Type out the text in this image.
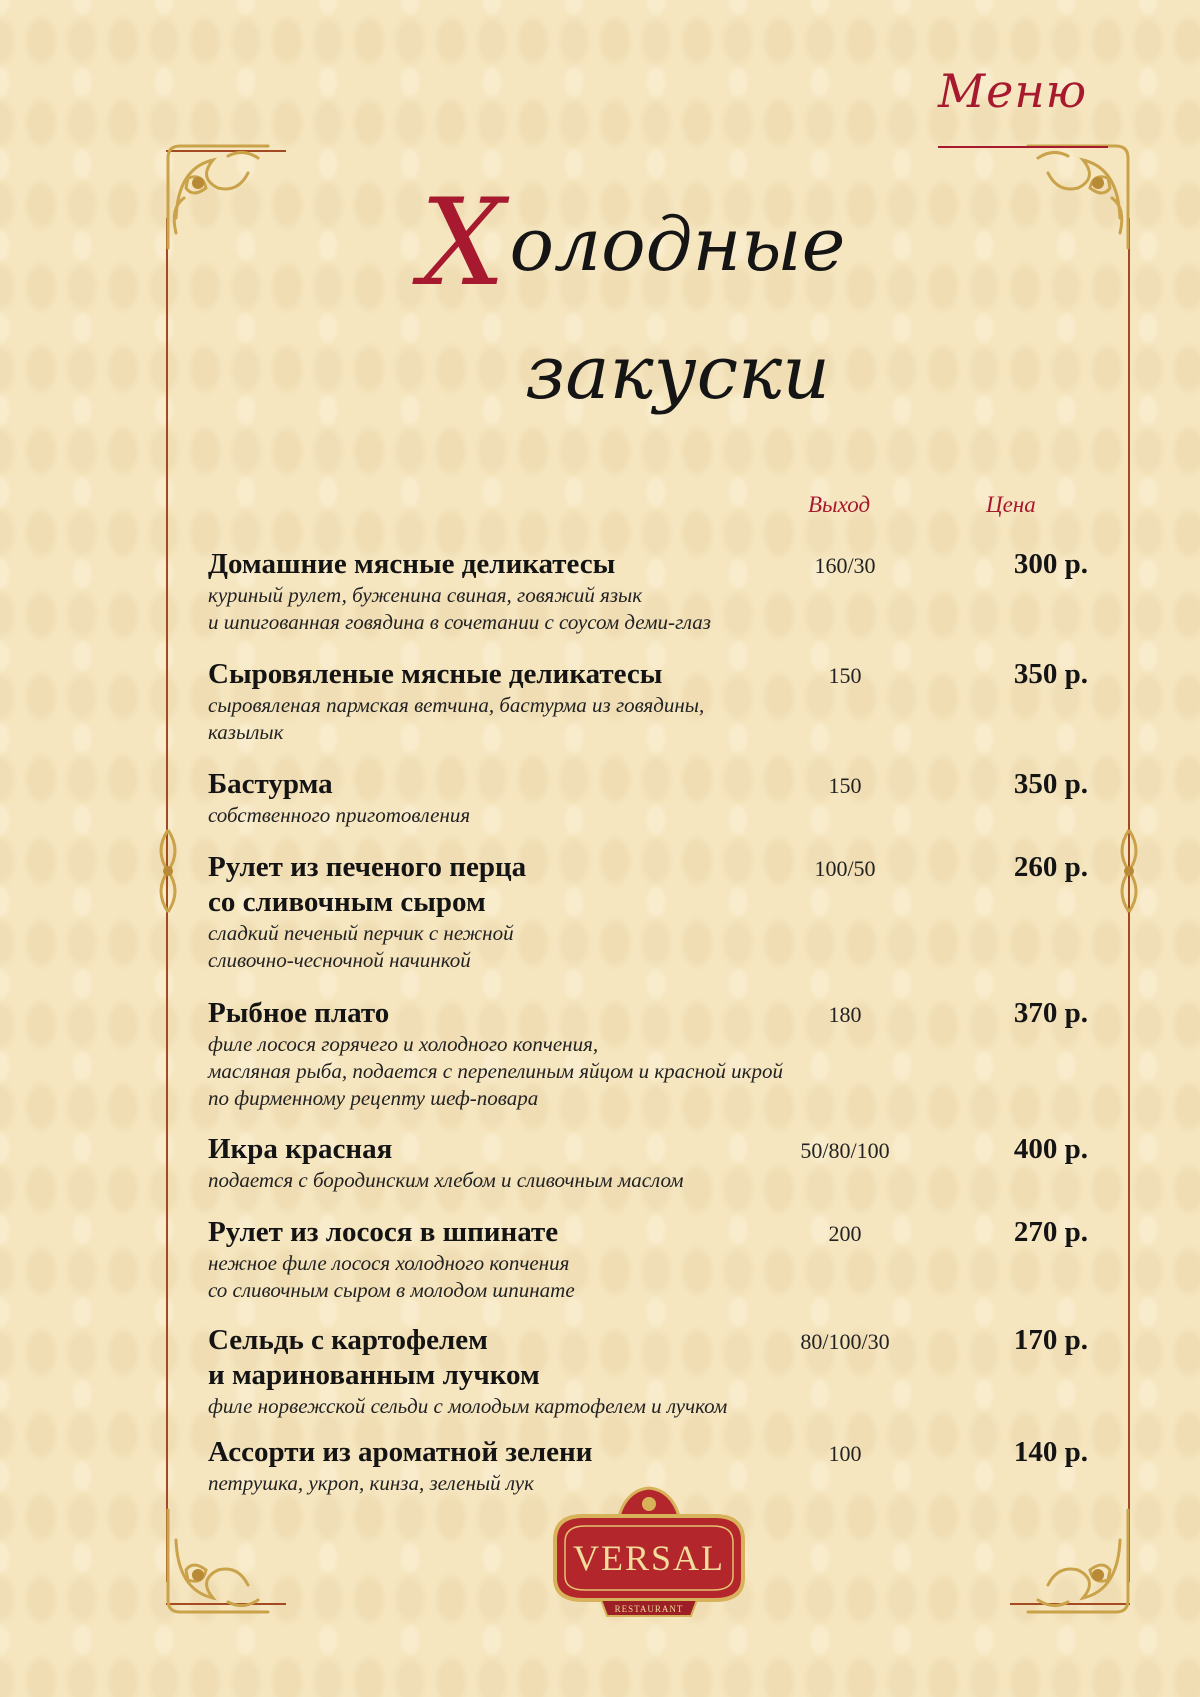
Меню
Холодные
закуски
Выход	Цена
Домашние мясные деликатесы
куриный рулет, буженина свиная, говяжий язык
и шпигованная говядина в сочетании с соусом деми-глаз
160/30	300 р.
Сыровяленые мясные деликатесы
сыровяленая пармская ветчина, бастурма из говядины,
казылык
150	350 р.
Бастурма
собственного приготовления
150	350 р.
Рулет из печеного перца
со сливочным сыром
сладкий печеный перчик с нежной
сливочно-чесночной начинкой
100/50	260 р.
Рыбное плато
филе лосося горячего и холодного копчения,
масляная рыба, подается с перепелиным яйцом и красной икрой
по фирменному рецепту шеф-повара
180	370 р.
Икра красная
подается с бородинским хлебом и сливочным маслом
50/80/100	400 р.
Рулет из лосося в шпинате
нежное филе лосося холодного копчения
со сливочным сыром в молодом шпинате
200	270 р.
Сельдь с картофелем
и маринованным лучком
филе норвежской сельди с молодым картофелем и лучком
80/100/30	170 р.
Ассорти из ароматной зелени
петрушка, укроп, кинза, зеленый лук
100	140 р.
VERSAL
RESTAURANT
